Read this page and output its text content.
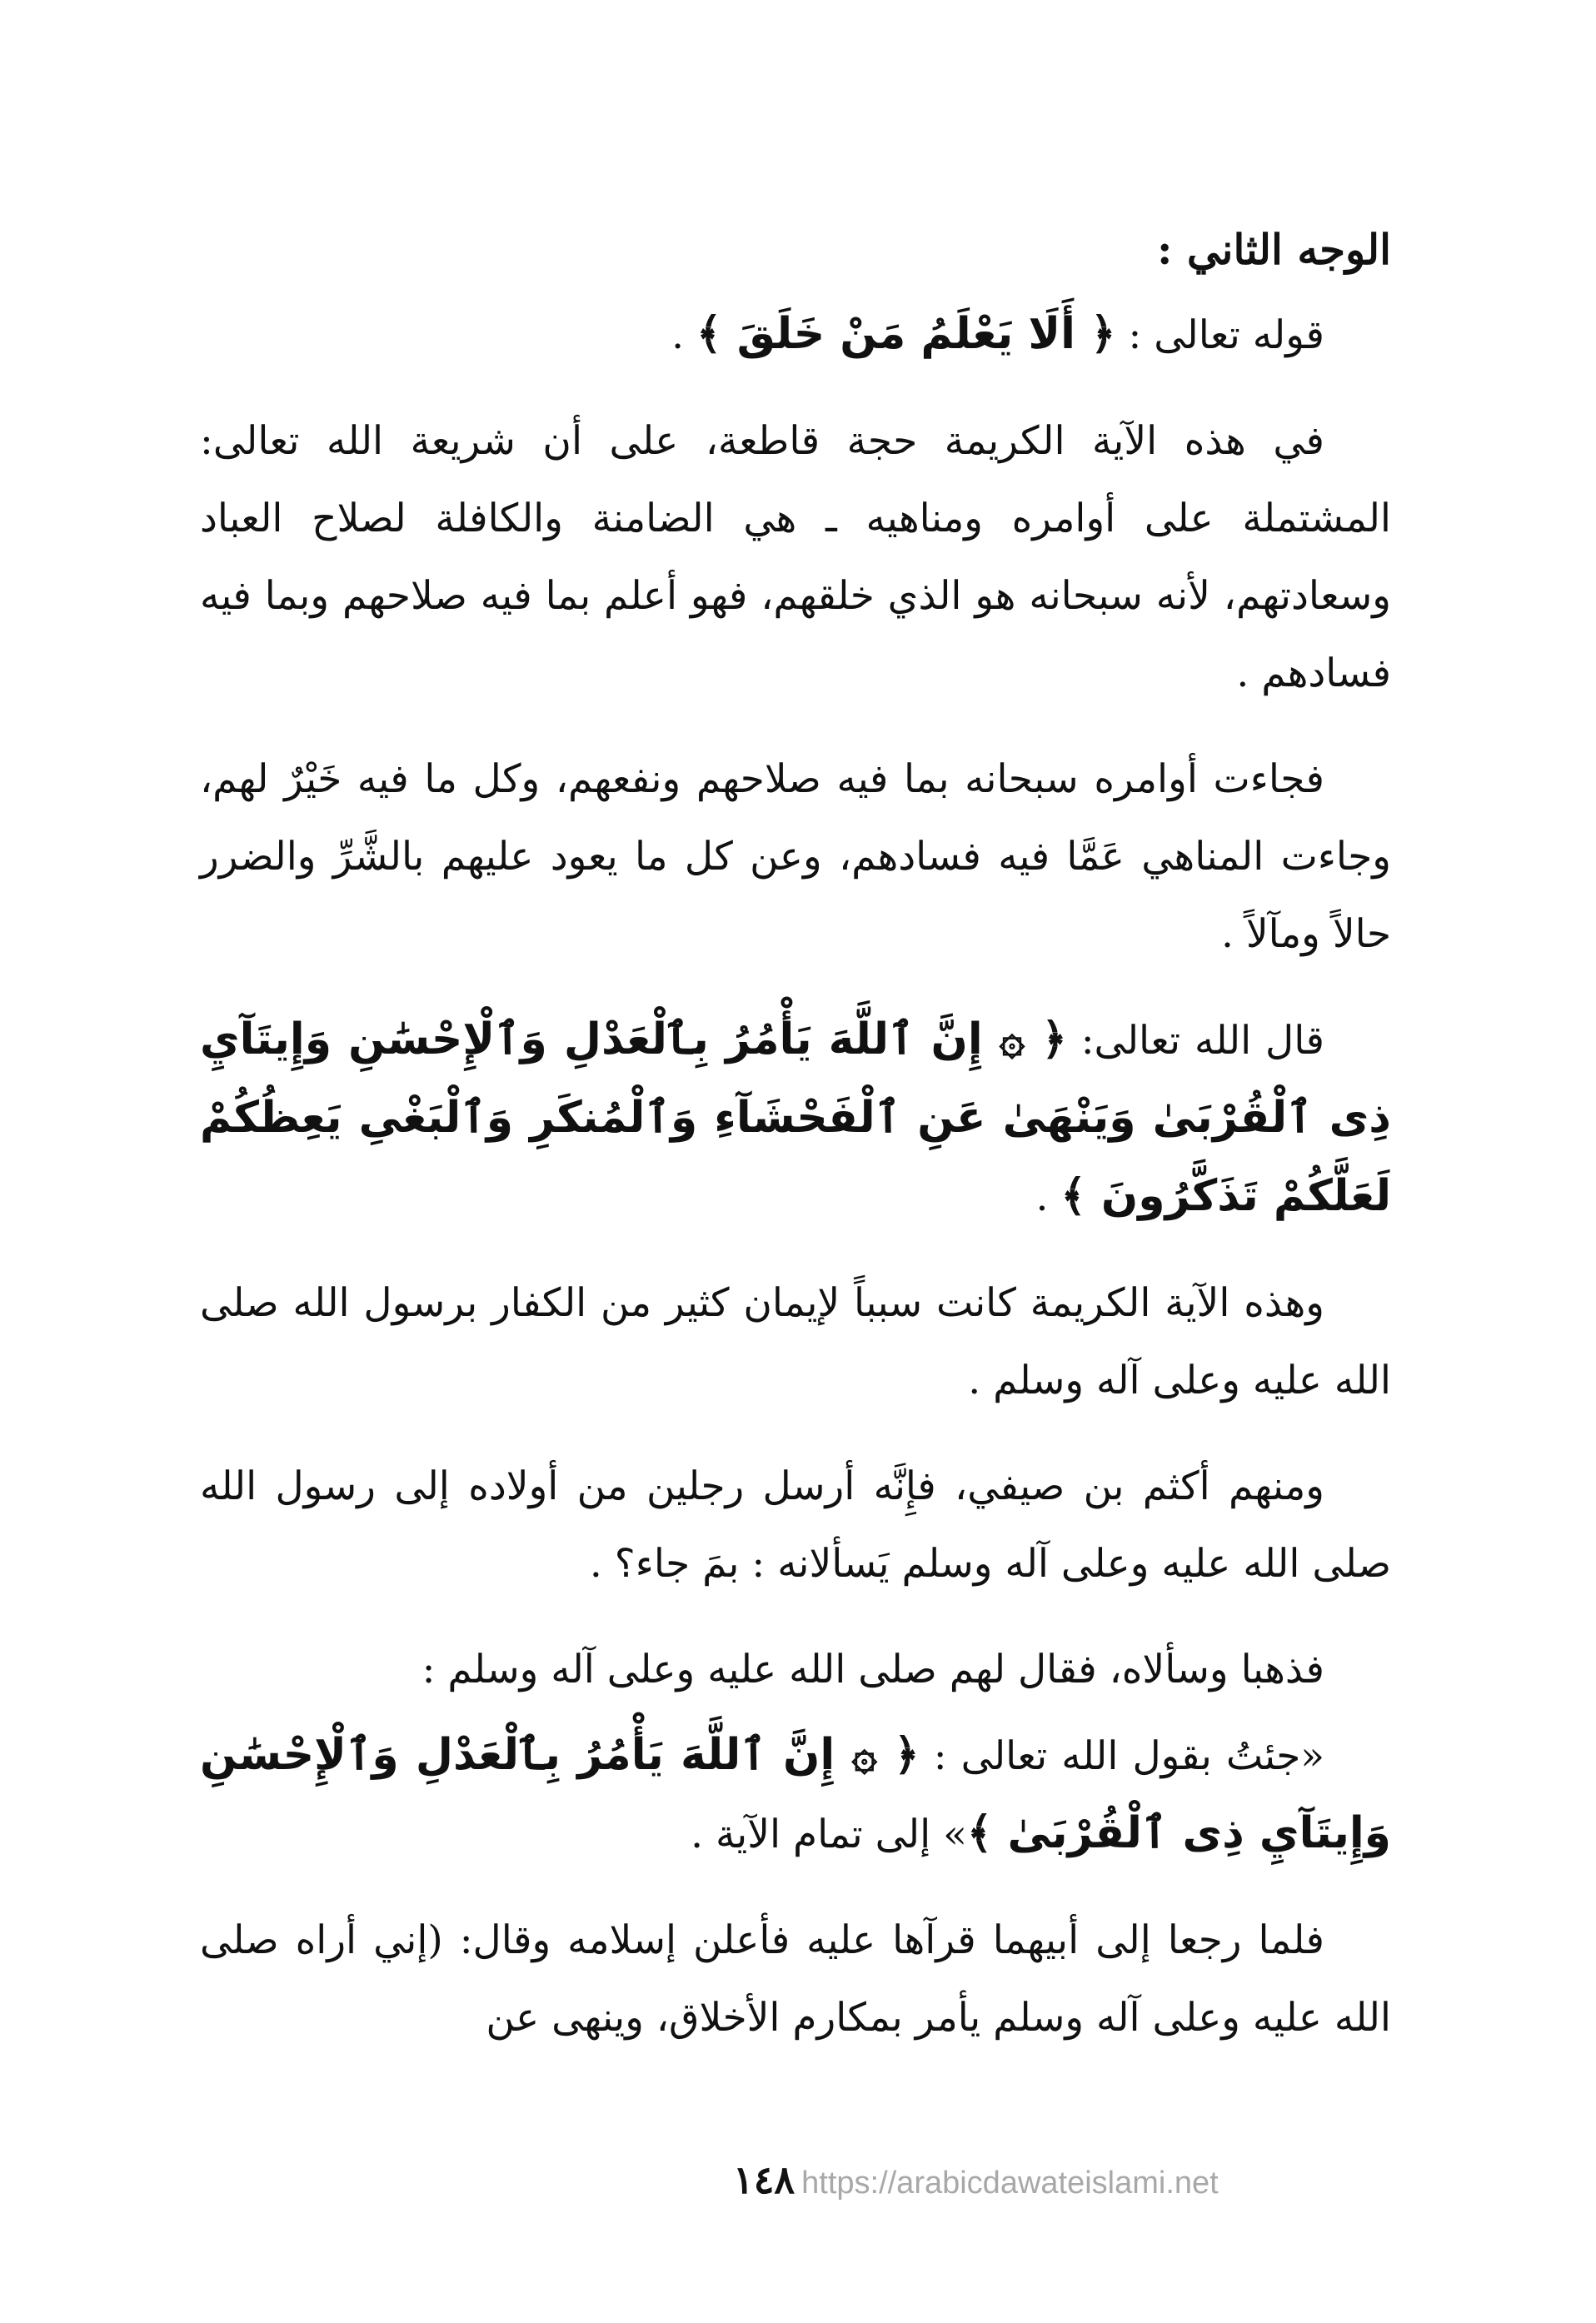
الوجه الثاني :

قوله تعالى : ﴿ أَلَا يَعْلَمُ مَنْ خَلَقَ ﴾ .

في هذه الآية الكريمة حجة قاطعة، على أن شريعة الله تعالى: المشتملة على أوامره ومناهيه ـ هي الضامنة والكافلة لصلاح العباد وسعادتهم، لأنه سبحانه هو الذي خلقهم، فهو أعلم بما فيه صلاحهم وبما فيه فسادهم .

فجاءت أوامره سبحانه بما فيه صلاحهم ونفعهم، وكل ما فيه خَيْرٌ لهم، وجاءت المناهي عَمَّا فيه فسادهم، وعن كل ما يعود عليهم بالشَّرِّ والضرر حالاً ومآلاً .

قال الله تعالى: ﴿ ۞ إِنَّ ٱللَّهَ يَأْمُرُ بِٱلْعَدْلِ وَٱلْإِحْسَٰنِ وَإِيتَآيِ ذِى ٱلْقُرْبَىٰ وَيَنْهَىٰ عَنِ ٱلْفَحْشَآءِ وَٱلْمُنكَرِ وَٱلْبَغْىِ يَعِظُكُمْ لَعَلَّكُمْ تَذَكَّرُونَ ﴾ .

وهذه الآية الكريمة كانت سبباً لإيمان كثير من الكفار برسول الله صلى الله عليه وعلى آله وسلم .

ومنهم أكثم بن صيفي، فإِنَّه أرسل رجلين من أولاده إلى رسول الله صلى الله عليه وعلى آله وسلم يَسألانه : بمَ جاء؟ .

فذهبا وسألاه، فقال لهم صلى الله عليه وعلى آله وسلم :

«جئتُ بقول الله تعالى : ﴿ ۞ إِنَّ ٱللَّهَ يَأْمُرُ بِٱلْعَدْلِ وَٱلْإِحْسَٰنِ وَإِيتَآيِ ذِى ٱلْقُرْبَىٰ ﴾» إلى تمام الآية .

فلما رجعا إلى أبيهما قرآها عليه فأعلن إسلامه وقال: (إني أراه صلى الله عليه وعلى آله وسلم يأمر بمكارم الأخلاق، وينهى عن

١٤٨ https://arabicdawateislami.net
